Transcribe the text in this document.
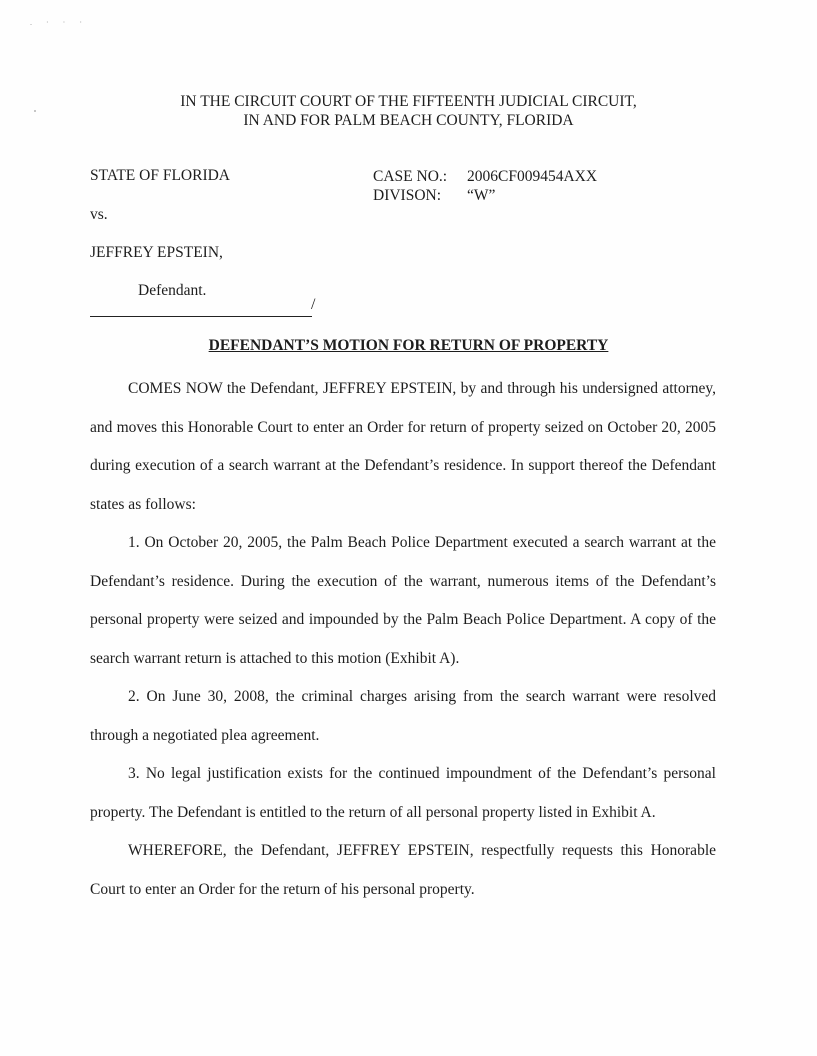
. · · ·
IN THE CIRCUIT COURT OF THE FIFTEENTH JUDICIAL CIRCUIT,
IN AND FOR PALM BEACH COUNTY, FLORIDA
STATE OF FLORIDA
vs.
JEFFREY EPSTEIN,
Defendant.
/
CASE NO.:	2006CF009454AXX
DIVISON:	“W”
DEFENDANT’S MOTION FOR RETURN OF PROPERTY

COMES NOW the Defendant, JEFFREY EPSTEIN, by and through his undersigned attorney, and moves this Honorable Court to enter an Order for return of property seized on October 20, 2005 during execution of a search warrant at the Defendant’s residence. In support thereof the Defendant states as follows:

1. On October 20, 2005, the Palm Beach Police Department executed a search warrant at the Defendant’s residence. During the execution of the warrant, numerous items of the Defendant’s personal property were seized and impounded by the Palm Beach Police Department. A copy of the search warrant return is attached to this motion (Exhibit A).

2. On June 30, 2008, the criminal charges arising from the search warrant were resolved through a negotiated plea agreement.

3. No legal justification exists for the continued impoundment of the Defendant’s personal property. The Defendant is entitled to the return of all personal property listed in Exhibit A.

WHEREFORE, the Defendant, JEFFREY EPSTEIN, respectfully requests this Honorable Court to enter an Order for the return of his personal property.
